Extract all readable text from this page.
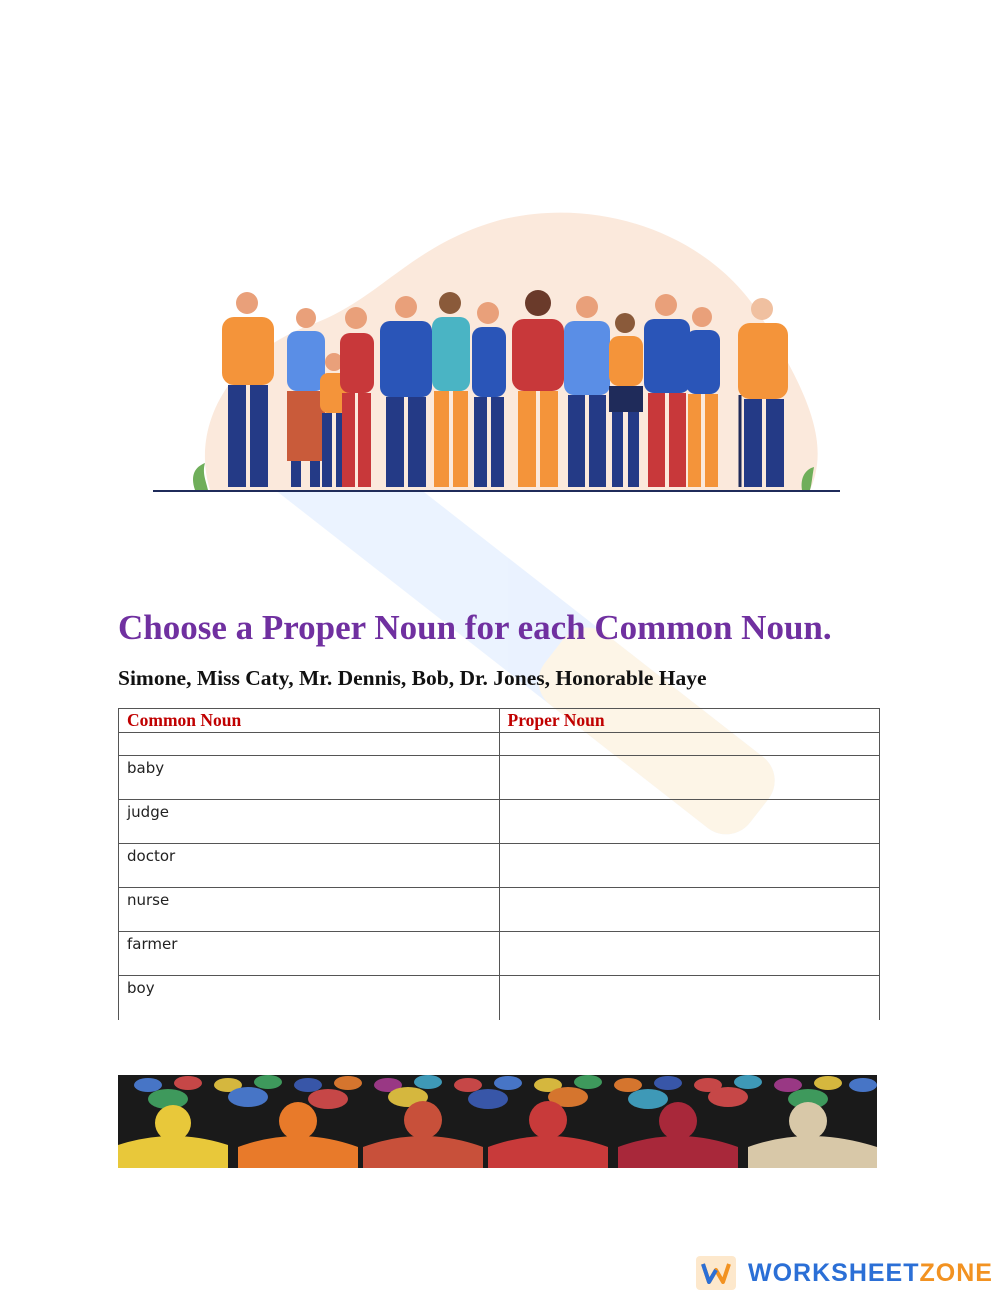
Choose a Proper Noun for each Common Noun.

Simone, Miss Caty, Mr. Dennis, Bob, Dr. Jones, Honorable Haye

Common Noun	Proper Noun

baby	
judge	
doctor	
nurse	
farmer	
boy	
WORKSHEETZONE
